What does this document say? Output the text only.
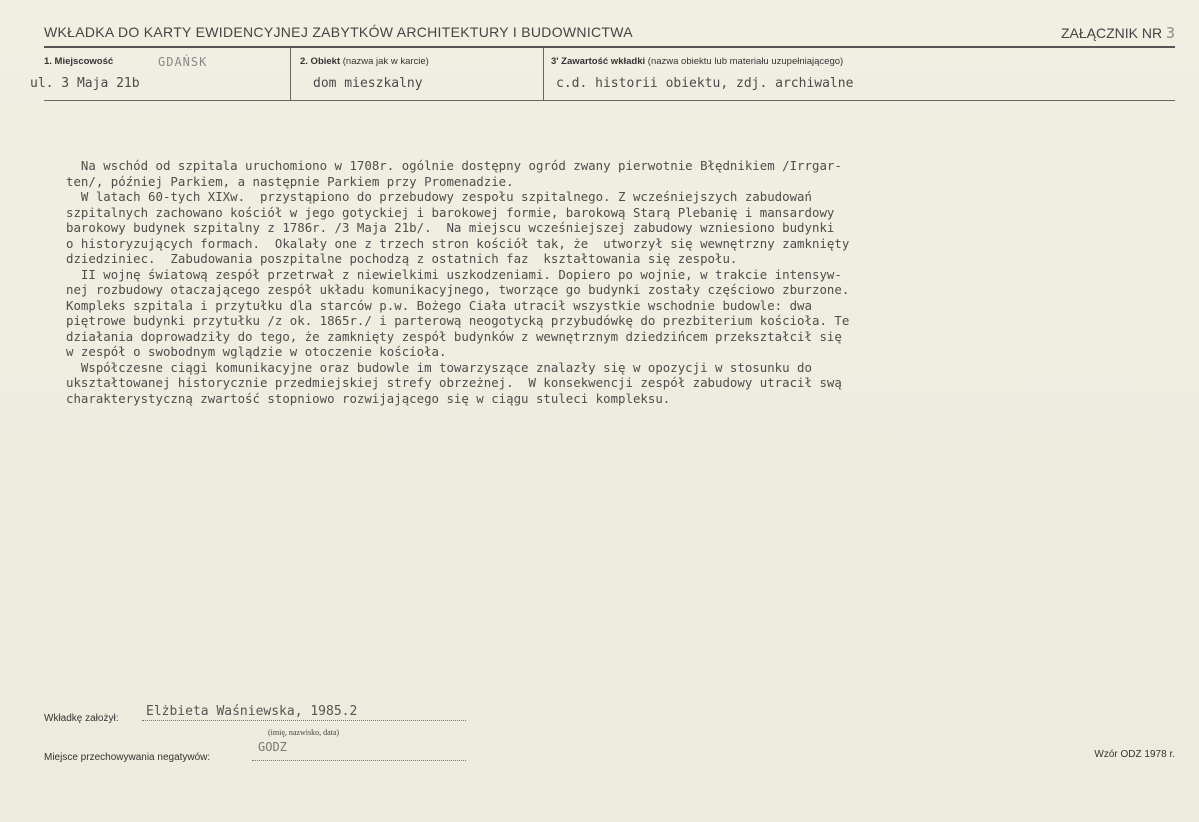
WKŁADKA DO KARTY EWIDENCYJNEJ ZABYTKÓW ARCHITEKTURY I BUDOWNICTWA	ZAŁĄCZNIK NR 3
1. Miejscowość	GDAŃSK
ul. 3 Maja 21b
2. Obiekt (nazwa jak w karcie)
dom mieszkalny
3' Zawartość wkładki (nazwa obiektu lub materiału uzupełniającego)
c.d. historii obiektu, zdj. archiwalne
Na wschód od szpitala uruchomiono w 1708r. ogólnie dostępny ogród zwany pierwotnie Błędnikiem /Irrgar-
ten/, później Parkiem, a następnie Parkiem przy Promenadzie.
W latach 60-tych XIXw.  przystąpiono do przebudowy zespołu szpitalnego. Z wcześniejszych zabudowań
szpitalnych zachowano kościół w jego gotyckiej i barokowej formie, barokową Starą Plebanię i mansardowy
barokowy budynek szpitalny z 1786r. /3 Maja 21b/.  Na miejscu wcześniejszej zabudowy wzniesiono budynki
o historyzujących formach.  Okalały one z trzech stron kościół tak, że  utworzył się wewnętrzny zamknięty
dziedziniec.  Zabudowania poszpitalne pochodzą z ostatnich faz  kształtowania się zespołu.
II wojnę światową zespół przetrwał z niewielkimi uszkodzeniami. Dopiero po wojnie, w trakcie intensyw-
nej rozbudowy otaczającego zespół układu komunikacyjnego, tworzące go budynki zostały częściowo zburzone.
Kompleks szpitala i przytułku dla starców p.w. Bożego Ciała utracił wszystkie wschodnie budowle: dwa
piętrowe budynki przytułku /z ok. 1865r./ i parterową neogotycką przybudówkę do prezbiterium kościoła. Te
działania doprowadziły do tego, że zamknięty zespół budynków z wewnętrznym dziedzińcem przekształcił się
w zespół o swobodnym wglądzie w otoczenie kościoła.
Współczesne ciągi komunikacyjne oraz budowle im towarzyszące znalazły się w opozycji w stosunku do
ukształtowanej historycznie przedmiejskiej strefy obrzeżnej.  W konsekwencji zespół zabudowy utracił swą
charakterystyczną zwartość stopniowo rozwijającego się w ciągu stuleci kompleksu.
Wkładkę założył: Elżbieta Waśniewska, 1985.2
(imię, nazwisko, data)
Miejsce przechowywania negatywów:
GODZ
Wzór ODZ 1978 r.
